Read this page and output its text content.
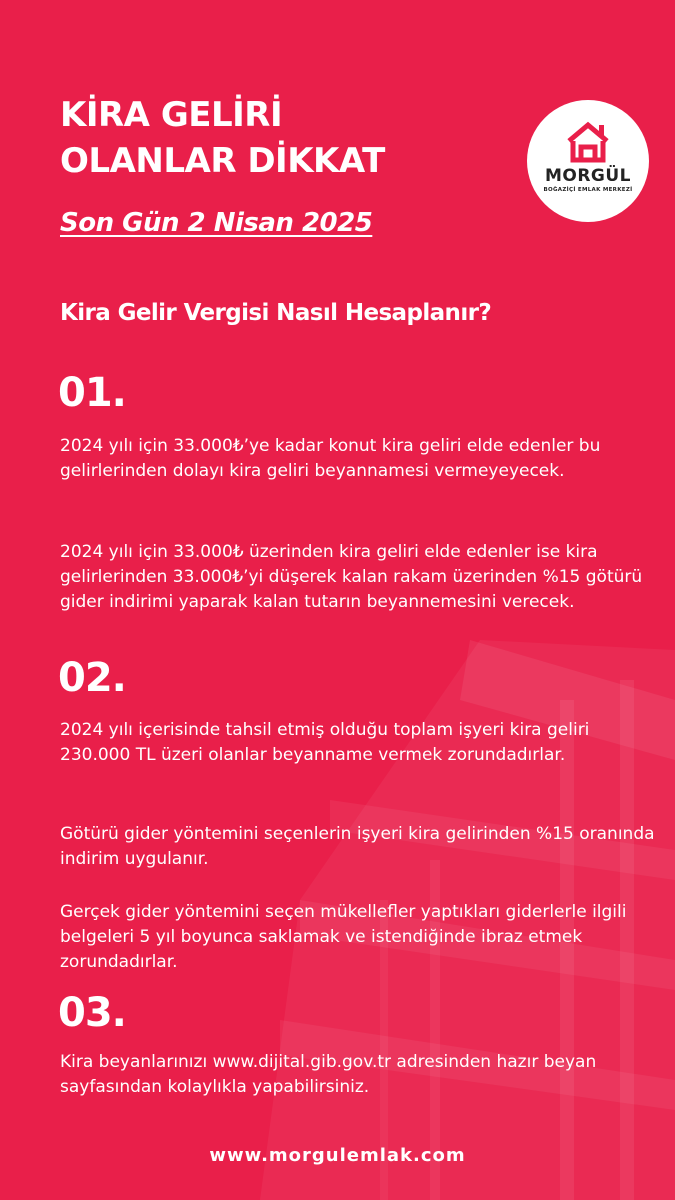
KİRA GELİRİ
OLANLAR DİKKAT
Son Gün 2 Nisan 2025
MORGÜL
BOĞAZİÇİ EMLAK MERKEZİ
Kira Gelir Vergisi Nasıl Hesaplanır?
01.

2024 yılı için 33.000₺’ye kadar konut kira geliri elde edenler bu gelirlerinden dolayı kira geliri beyannamesi vermeyeyecek.

2024 yılı için 33.000₺ üzerinden kira geliri elde edenler ise kira gelirlerinden 33.000₺’yi düşerek kalan rakam üzerinden %15 götürü gider indirimi yaparak kalan tutarın beyannemesini verecek.

02.

2024 yılı içerisinde tahsil etmiş olduğu toplam işyeri kira geliri 230.000 TL üzeri olanlar beyanname vermek zorundadırlar.

Götürü gider yöntemini seçenlerin işyeri kira gelirinden %15 oranında indirim uygulanır.

Gerçek gider yöntemini seçen mükellefler yaptıkları giderlerle ilgili belgeleri 5 yıl boyunca saklamak ve istendiğinde ibraz etmek zorundadırlar.

03.

Kira beyanlarınızı www.dijital.gib.gov.tr adresinden hazır beyan sayfasından kolaylıkla yapabilirsiniz.

www.morgulemlak.com
